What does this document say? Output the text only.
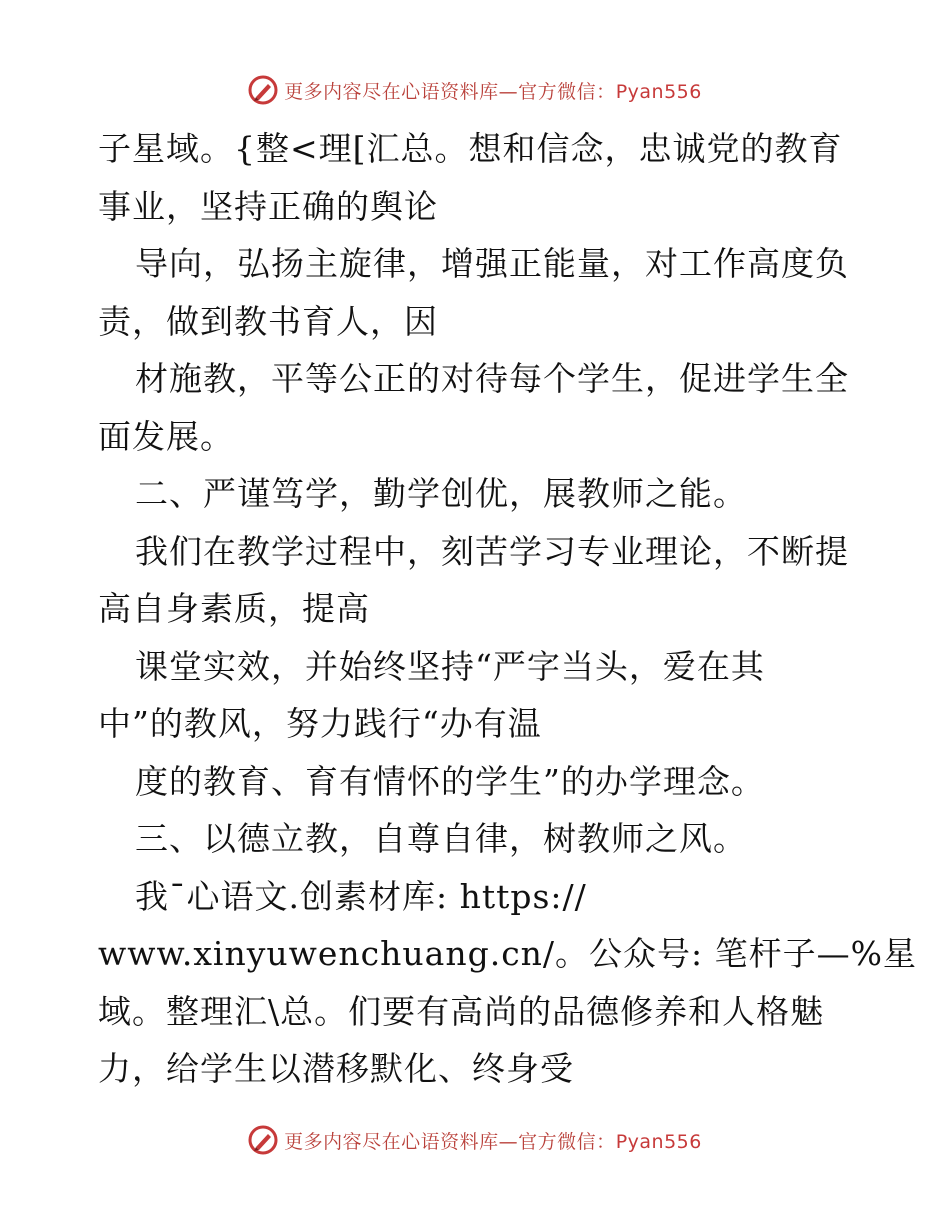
更多内容尽在心语资料库—官方微信：Pyan556
子星域。{整<理[汇总。想和信念，忠诚党的教育
事业，坚持正确的舆论
导向，弘扬主旋律，增强正能量，对工作高度负
责，做到教书育人，因
材施教，平等公正的对待每个学生，促进学生全
面发展。
二、严谨笃学，勤学创优，展教师之能。
我们在教学过程中，刻苦学习专业理论，不断提
高自身素质，提高
课堂实效，并始终坚持“严字当头，爱在其
中”的教风，努力践行“办有温
度的教育、育有情怀的学生”的办学理念。
三、以德立教，自尊自律，树教师之风。
我¯心语文.创素材库: https://
www.xinyuwenchuang.cn/。公众号: 笔杆子—%星
域。整理汇\总。们要有高尚的品德修养和人格魅
力，给学生以潜移默化、终身受
更多内容尽在心语资料库—官方微信：Pyan556
